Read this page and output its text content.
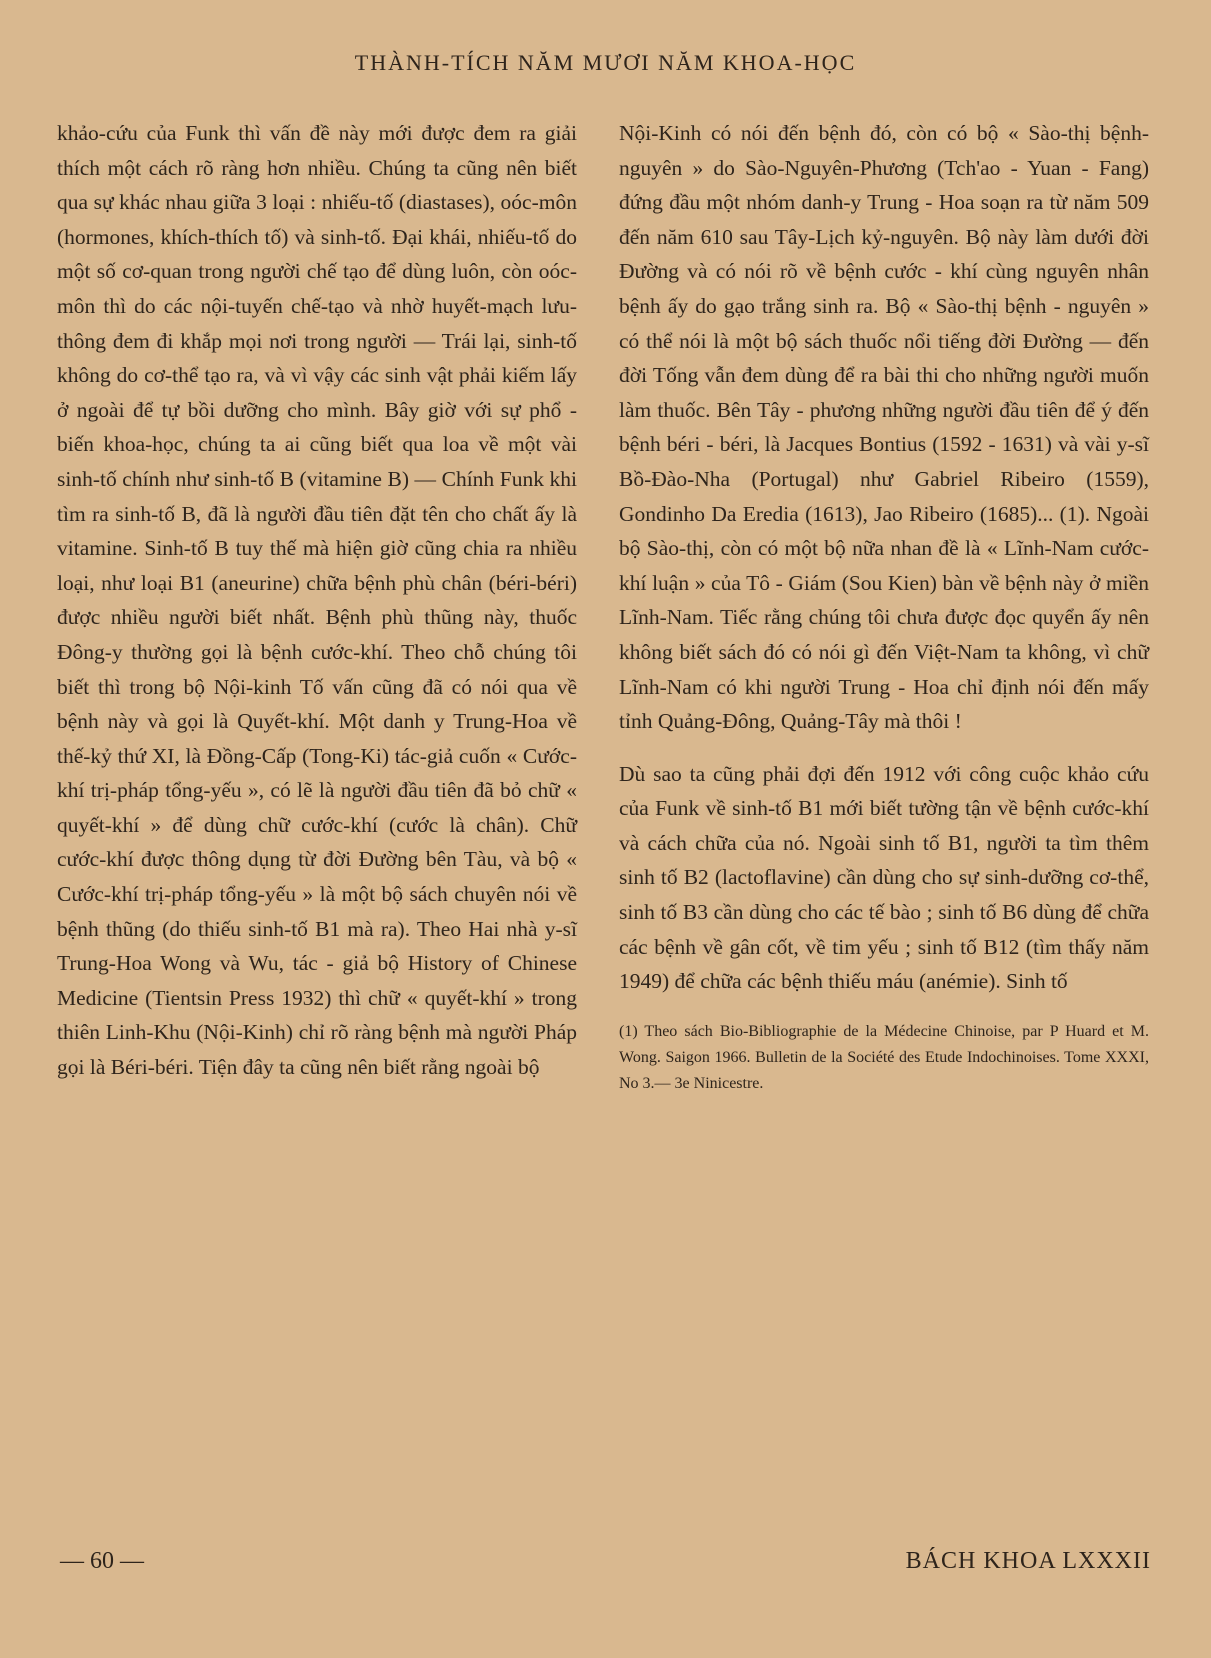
THÀNH-TÍCH NĂM MƯƠI NĂM KHOA-HỌC

khảo-cứu của Funk thì vấn đề này mới được đem ra giải thích một cách rõ ràng hơn nhiều. Chúng ta cũng nên biết qua sự khác nhau giữa 3 loại : nhiếu-tố (diastases), oóc-môn (hormones, khích-thích tố) và sinh-tố. Đại khái, nhiếu-tố do một số cơ-quan trong người chế tạo để dùng luôn, còn oóc-môn thì do các nội-tuyến chế-tạo và nhờ huyết-mạch lưu-thông đem đi khắp mọi nơi trong người — Trái lại, sinh-tố không do cơ-thể tạo ra, và vì vậy các sinh vật phải kiếm lấy ở ngoài để tự bồi dưỡng cho mình. Bây giờ với sự phổ - biến khoa-học, chúng ta ai cũng biết qua loa về một vài sinh-tố chính như sinh-tố B (vitamine B) — Chính Funk khi tìm ra sinh-tố B, đã là người đầu tiên đặt tên cho chất ấy là vitamine. Sinh-tố B tuy thế mà hiện giờ cũng chia ra nhiều loại, như loại B1 (aneurine) chữa bệnh phù chân (béri-béri) được nhiều người biết nhất. Bệnh phù thũng này, thuốc Đông-y thường gọi là bệnh cước-khí. Theo chỗ chúng tôi biết thì trong bộ Nội-kinh Tố vấn cũng đã có nói qua về bệnh này và gọi là Quyết-khí. Một danh y Trung-Hoa về thế-kỷ thứ XI, là Đồng-Cấp (Tong-Ki) tác-giả cuốn « Cước-khí trị-pháp tổng-yếu », có lẽ là người đầu tiên đã bỏ chữ « quyết-khí » để dùng chữ cước-khí (cước là chân). Chữ cước-khí được thông dụng từ đời Đường bên Tàu, và bộ « Cước-khí trị-pháp tổng-yếu » là một bộ sách chuyên nói về bệnh thũng (do thiếu sinh-tố B1 mà ra). Theo Hai nhà y-sĩ Trung-Hoa Wong và Wu, tác - giả bộ History of Chinese Medicine (Tientsin Press 1932) thì chữ « quyết-khí » trong thiên Linh-Khu (Nội-Kinh) chỉ rõ ràng bệnh mà người Pháp gọi là Béri-béri. Tiện đây ta cũng nên biết rằng ngoài bộ

Nội-Kinh có nói đến bệnh đó, còn có bộ « Sào-thị bệnh-nguyên » do Sào-Nguyên-Phương (Tch'ao - Yuan - Fang) đứng đầu một nhóm danh-y Trung - Hoa soạn ra từ năm 509 đến năm 610 sau Tây-Lịch kỷ-nguyên. Bộ này làm dưới đời Đường và có nói rõ về bệnh cước - khí cùng nguyên nhân bệnh ấy do gạo trắng sinh ra. Bộ « Sào-thị bệnh - nguyên » có thể nói là một bộ sách thuốc nổi tiếng đời Đường — đến đời Tống vẫn đem dùng để ra bài thi cho những người muốn làm thuốc. Bên Tây - phương những người đầu tiên để ý đến bệnh béri - béri, là Jacques Bontius (1592 - 1631) và vài y-sĩ Bồ-Đào-Nha (Portugal) như Gabriel Ribeiro (1559), Gondinho Da Eredia (1613), Jao Ribeiro (1685)... (1). Ngoài bộ Sào-thị, còn có một bộ nữa nhan đề là « Lĩnh-Nam cước-khí luận » của Tô - Giám (Sou Kien) bàn về bệnh này ở miền Lĩnh-Nam. Tiếc rằng chúng tôi chưa được đọc quyển ấy nên không biết sách đó có nói gì đến Việt-Nam ta không, vì chữ Lĩnh-Nam có khi người Trung - Hoa chỉ định nói đến mấy tỉnh Quảng-Đông, Quảng-Tây mà thôi !

Dù sao ta cũng phải đợi đến 1912 với công cuộc khảo cứu của Funk về sinh-tố B1 mới biết tường tận về bệnh cước-khí và cách chữa của nó. Ngoài sinh tố B1, người ta tìm thêm sinh tố B2 (lactoflavine) cần dùng cho sự sinh-dưỡng cơ-thể, sinh tố B3 cần dùng cho các tế bào ; sinh tố B6 dùng để chữa các bệnh về gân cốt, về tim yếu ; sinh tố B12 (tìm thấy năm 1949) để chữa các bệnh thiếu máu (anémie). Sinh tố

(1) Theo sách Bio-Bibliographie de la Médecine Chinoise, par P Huard et M. Wong. Saigon 1966. Bulletin de la Société des Etude Indochinoises. Tome XXXI, No 3.— 3e Ninicestre.
— 60 —	BÁCH KHOA LXXXII
